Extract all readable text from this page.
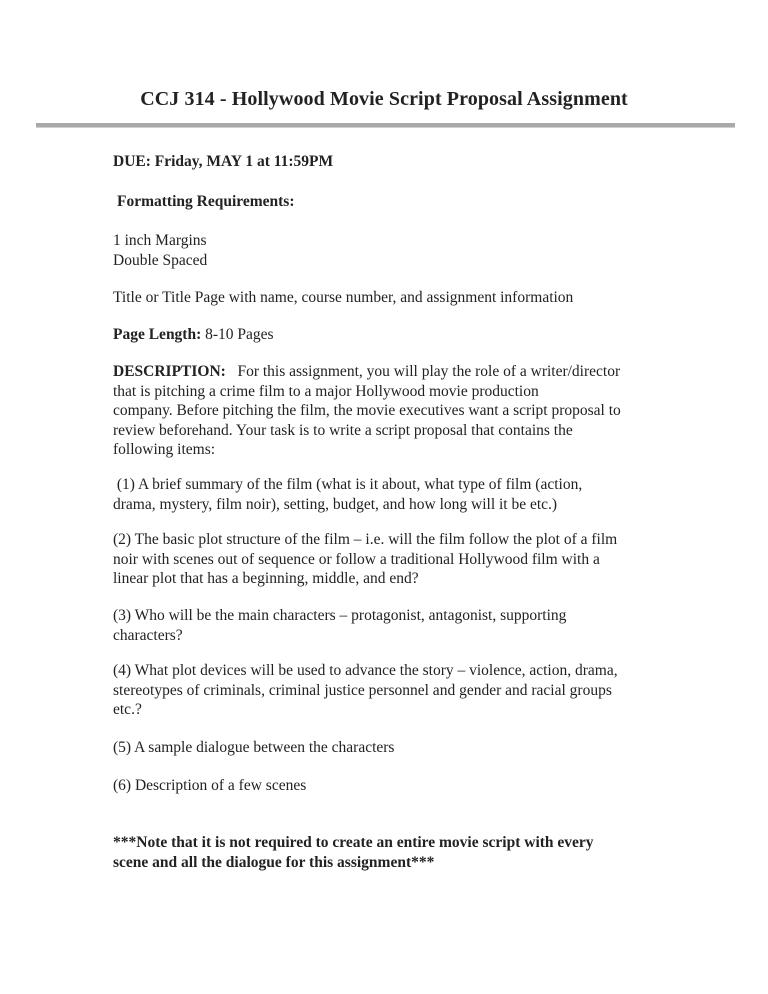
CCJ 314 - Hollywood Movie Script Proposal Assignment

DUE: Friday, MAY 1 at 11:59PM

Formatting Requirements:

1 inch Margins

Double Spaced

Title or Title Page with name, course number, and assignment information

Page Length: 8-10 Pages

DESCRIPTION:   For this assignment, you will play the role of a writer/director
that is pitching a crime film to a major Hollywood movie production
company. Before pitching the film, the movie executives want a script proposal to
review beforehand. Your task is to write a script proposal that contains the
following items:
(1) A brief summary of the film (what is it about, what type of film (action,
drama, mystery, film noir), setting, budget, and how long will it be etc.)
(2) The basic plot structure of the film – i.e. will the film follow the plot of a film
noir with scenes out of sequence or follow a traditional Hollywood film with a
linear plot that has a beginning, middle, and end?
(3) Who will be the main characters – protagonist, antagonist, supporting
characters?
(4) What plot devices will be used to advance the story – violence, action, drama,
stereotypes of criminals, criminal justice personnel and gender and racial groups
etc.?
(5) A sample dialogue between the characters
(6) Description of a few scenes
***Note that it is not required to create an entire movie script with every
scene and all the dialogue for this assignment***
